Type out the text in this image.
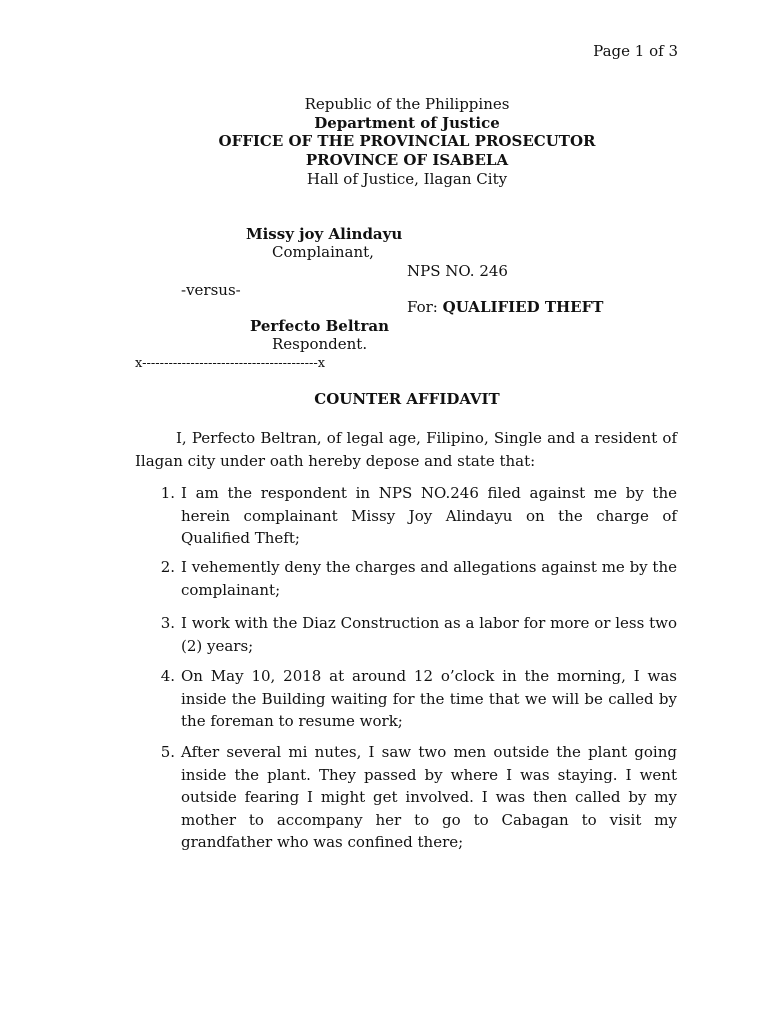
Page 1 of 3
Republic of the Philippines
Department of Justice
OFFICE OF THE PROVINCIAL PROSECUTOR
PROVINCE OF ISABELA
Hall of Justice, Ilagan City
Missy joy Alindayu
Complainant,
NPS NO. 246
-versus-
For: QUALIFIED THEFT
Perfecto Beltran
Respondent.
x----------------------------------------x
COUNTER AFFIDAVIT
I, Perfecto Beltran, of legal age, Filipino, Single and a resident of Ilagan city under oath hereby depose and state that:
1. I am the respondent in NPS NO.246 filed against me by the herein complainant Missy Joy Alindayu on the charge of Qualified Theft;
2. I vehemently deny the charges and allegations against me by the complainant;
3. I work with the Diaz Construction as a labor for more or less two (2) years;
4. On May 10, 2018 at around 12 o’clock in the morning, I was inside the Building waiting for the time that we will be called by the foreman to resume work;
5. After several mi nutes, I saw two men outside the plant going inside the plant. They passed by where I was staying. I went outside fearing I might get involved. I was then called by my mother to accompany her to go to Cabagan to visit my grandfather who was confined there;
